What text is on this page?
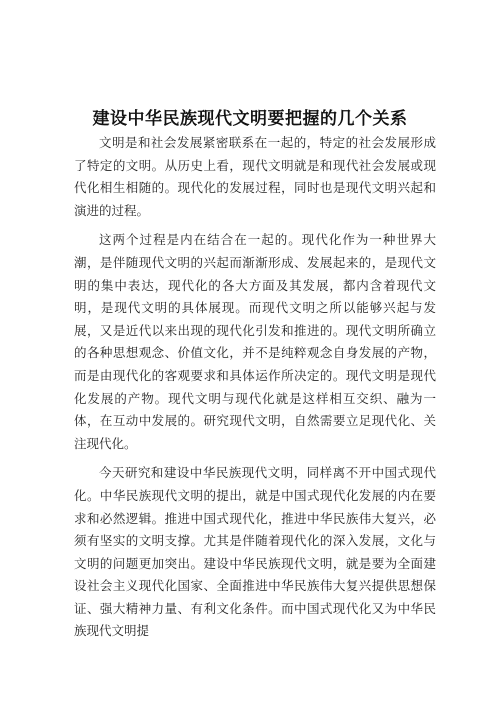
建设中华民族现代文明要把握的几个关系

文明是和社会发展紧密联系在一起的，特定的社会发展形成了特定的文明。从历史上看，现代文明就是和现代社会发展或现代化相生相随的。现代化的发展过程，同时也是现代文明兴起和演进的过程。

这两个过程是内在结合在一起的。现代化作为一种世界大潮，是伴随现代文明的兴起而渐渐形成、发展起来的，是现代文明的集中表达，现代化的各大方面及其发展，都内含着现代文明，是现代文明的具体展现。而现代文明之所以能够兴起与发展，又是近代以来出现的现代化引发和推进的。现代文明所确立的各种思想观念、价值文化，并不是纯粹观念自身发展的产物，而是由现代化的客观要求和具体运作所决定的。现代文明是现代化发展的产物。现代文明与现代化就是这样相互交织、融为一体，在互动中发展的。研究现代文明，自然需要立足现代化、关注现代化。

今天研究和建设中华民族现代文明，同样离不开中国式现代化。中华民族现代文明的提出，就是中国式现代化发展的内在要求和必然逻辑。推进中国式现代化，推进中华民族伟大复兴，必须有坚实的文明支撑。尤其是伴随着现代化的深入发展，文化与文明的问题更加突出。建设中华民族现代文明，就是要为全面建设社会主义现代化国家、全面推进中华民族伟大复兴提供思想保证、强大精神力量、有利文化条件。而中国式现代化又为中华民族现代文明提
